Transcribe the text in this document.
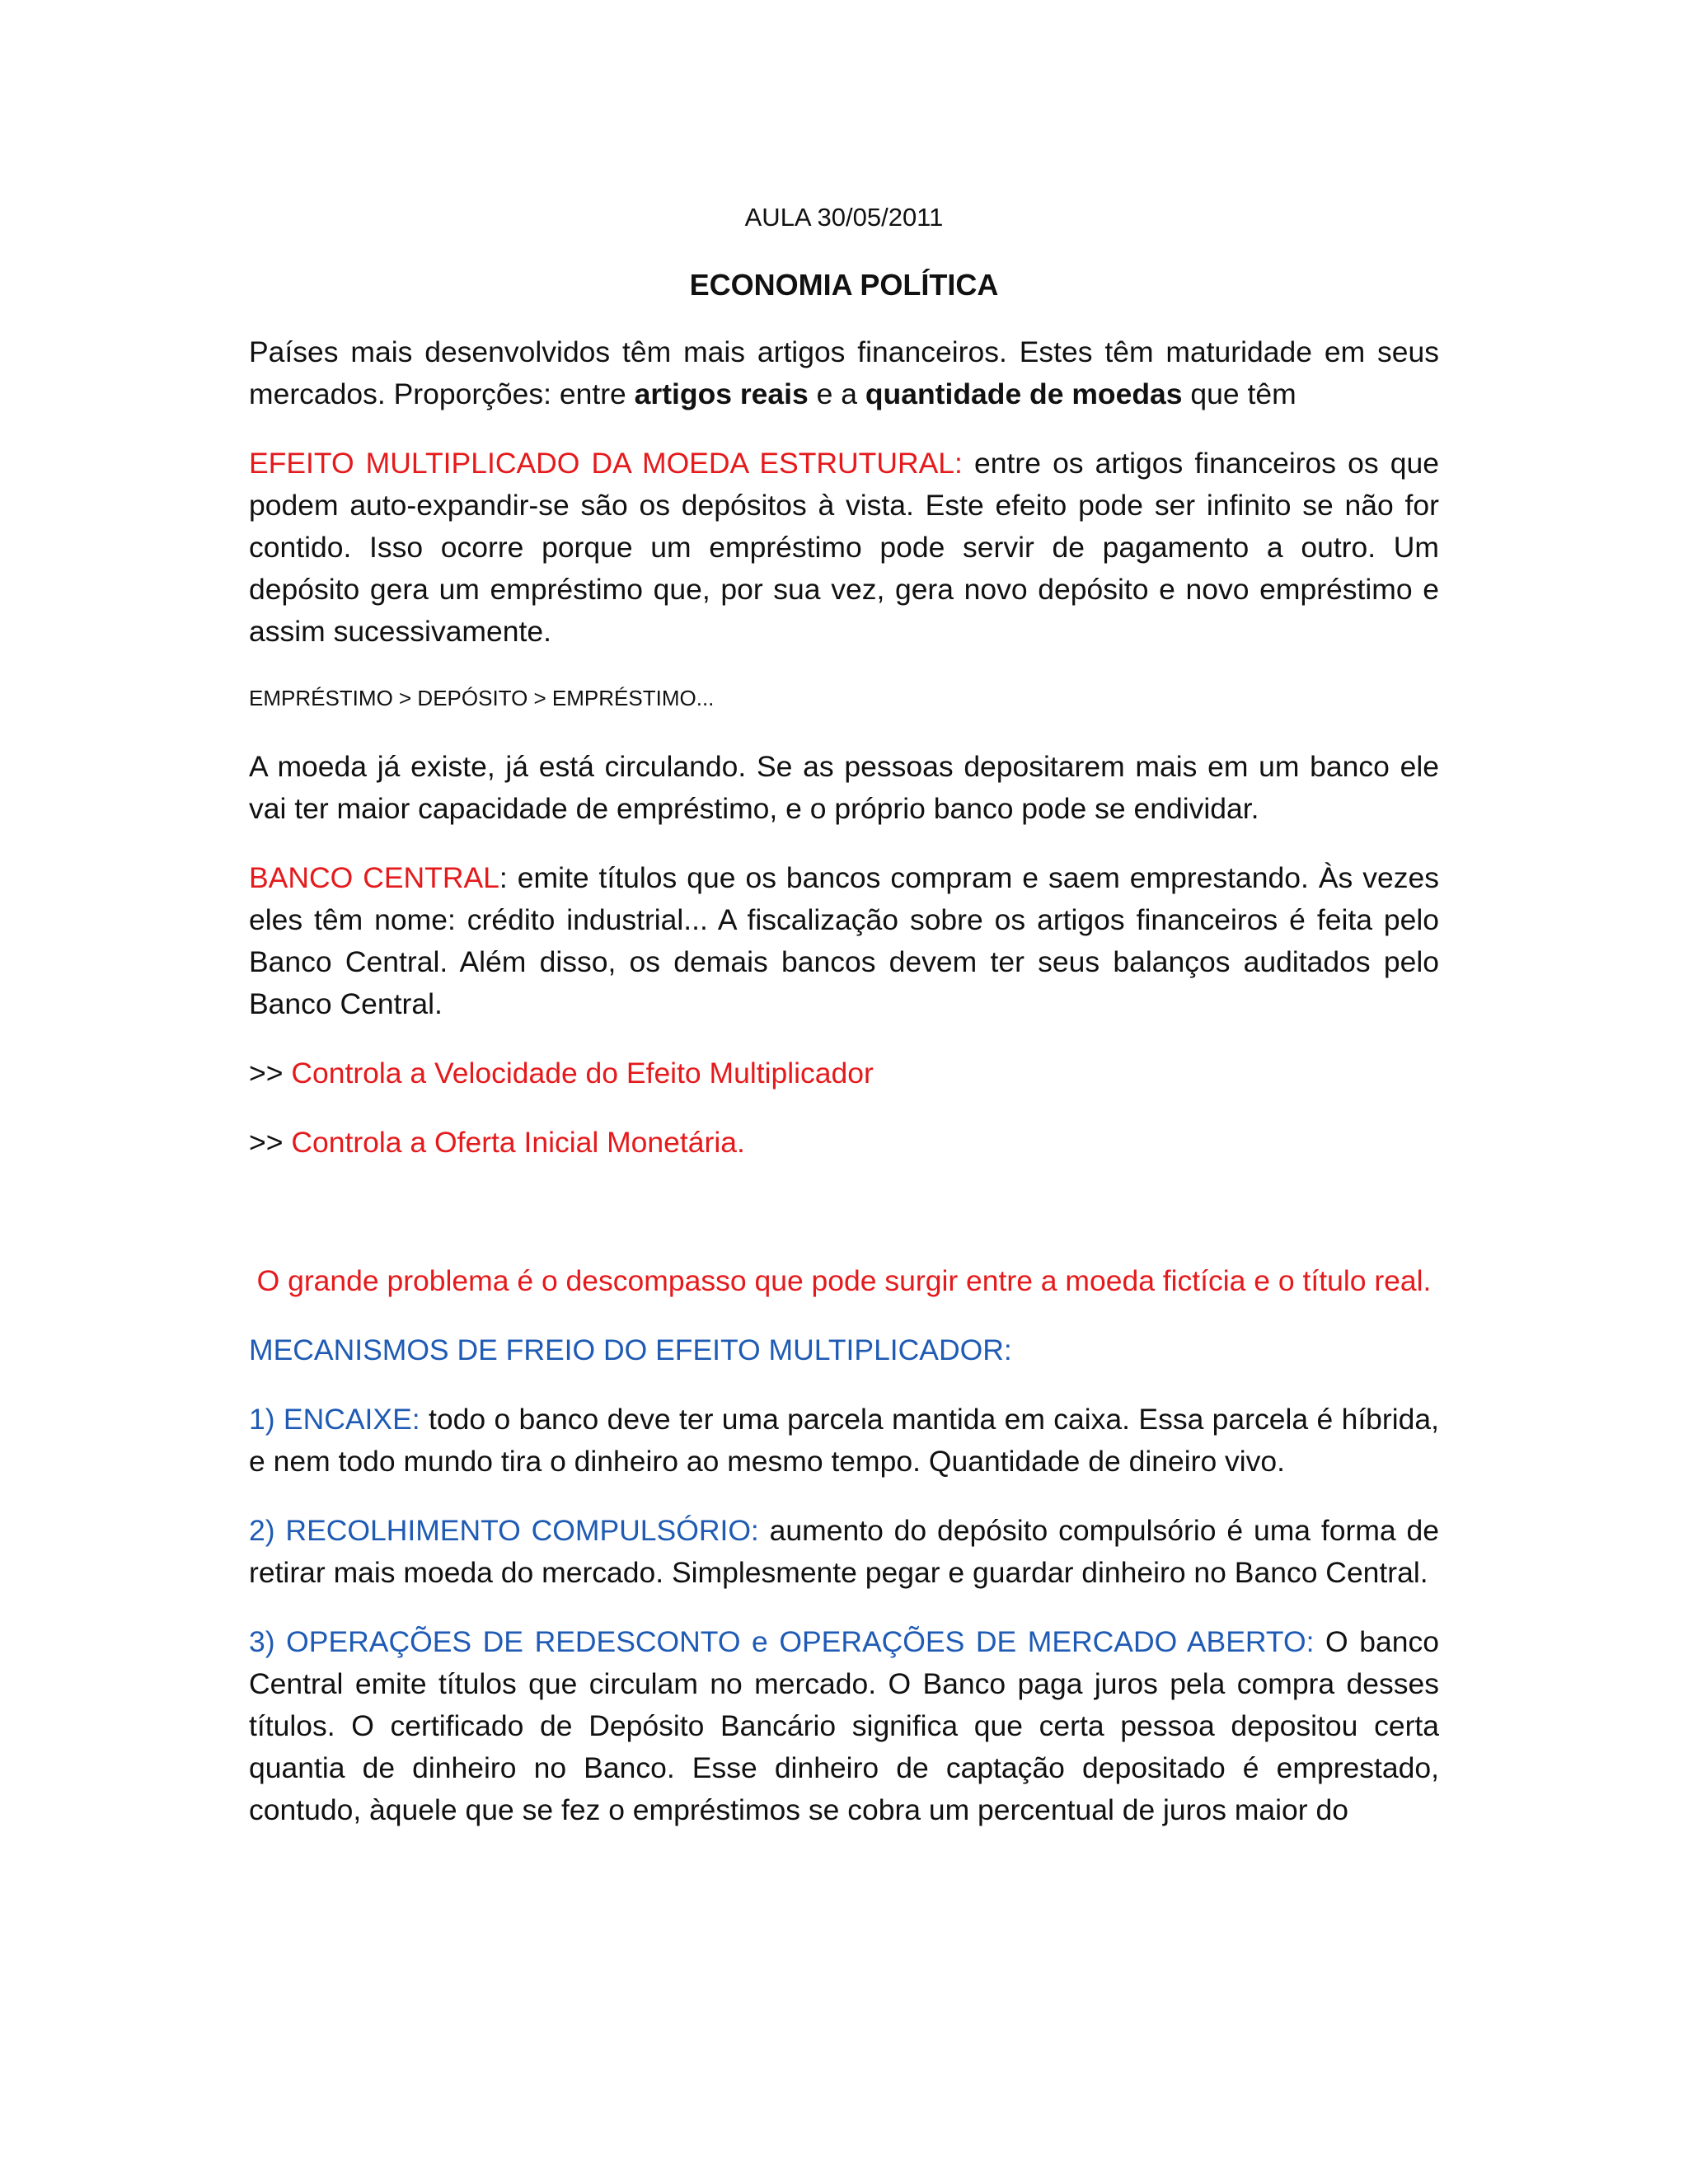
AULA 30/05/2011
ECONOMIA POLÍTICA

Países mais desenvolvidos têm mais artigos financeiros. Estes têm maturidade em seus mercados. Proporções: entre artigos reais e a quantidade de moedas que têm

EFEITO MULTIPLICADO DA MOEDA ESTRUTURAL: entre os artigos financeiros os que podem auto-expandir-se são os depósitos à vista. Este efeito pode ser infinito se não for contido. Isso ocorre porque um empréstimo pode servir de pagamento a outro. Um depósito gera um empréstimo que, por sua vez, gera novo depósito e novo empréstimo e assim sucessivamente.

EMPRÉSTIMO > DEPÓSITO > EMPRÉSTIMO...

A moeda já existe, já está circulando. Se as pessoas depositarem mais em um banco ele vai ter maior capacidade de empréstimo, e o próprio banco pode se endividar.

BANCO CENTRAL: emite títulos que os bancos compram e saem emprestando. Às vezes eles têm nome: crédito industrial... A fiscalização sobre os artigos financeiros é feita pelo Banco Central. Além disso, os demais bancos devem ter seus balanços auditados pelo Banco Central.

>> Controla a Velocidade do Efeito Multiplicador

>> Controla a Oferta Inicial Monetária.

O grande problema é o descompasso que pode surgir entre a moeda fictícia e o título real.

MECANISMOS DE FREIO DO EFEITO MULTIPLICADOR:

1) ENCAIXE: todo o banco deve ter uma parcela mantida em caixa. Essa parcela é híbrida, e nem todo mundo tira o dinheiro ao mesmo tempo. Quantidade de dineiro vivo.

2) RECOLHIMENTO COMPULSÓRIO: aumento do depósito compulsório é uma forma de retirar mais moeda do mercado. Simplesmente pegar e guardar dinheiro no Banco Central.

3) OPERAÇÕES DE REDESCONTO e OPERAÇÕES DE MERCADO ABERTO: O banco Central emite títulos que circulam no mercado. O Banco paga juros pela compra desses títulos. O certificado de Depósito Bancário significa que certa pessoa depositou certa quantia de dinheiro no Banco. Esse dinheiro de captação depositado é emprestado, contudo, àquele que se fez o empréstimos se cobra um percentual de juros maior do
